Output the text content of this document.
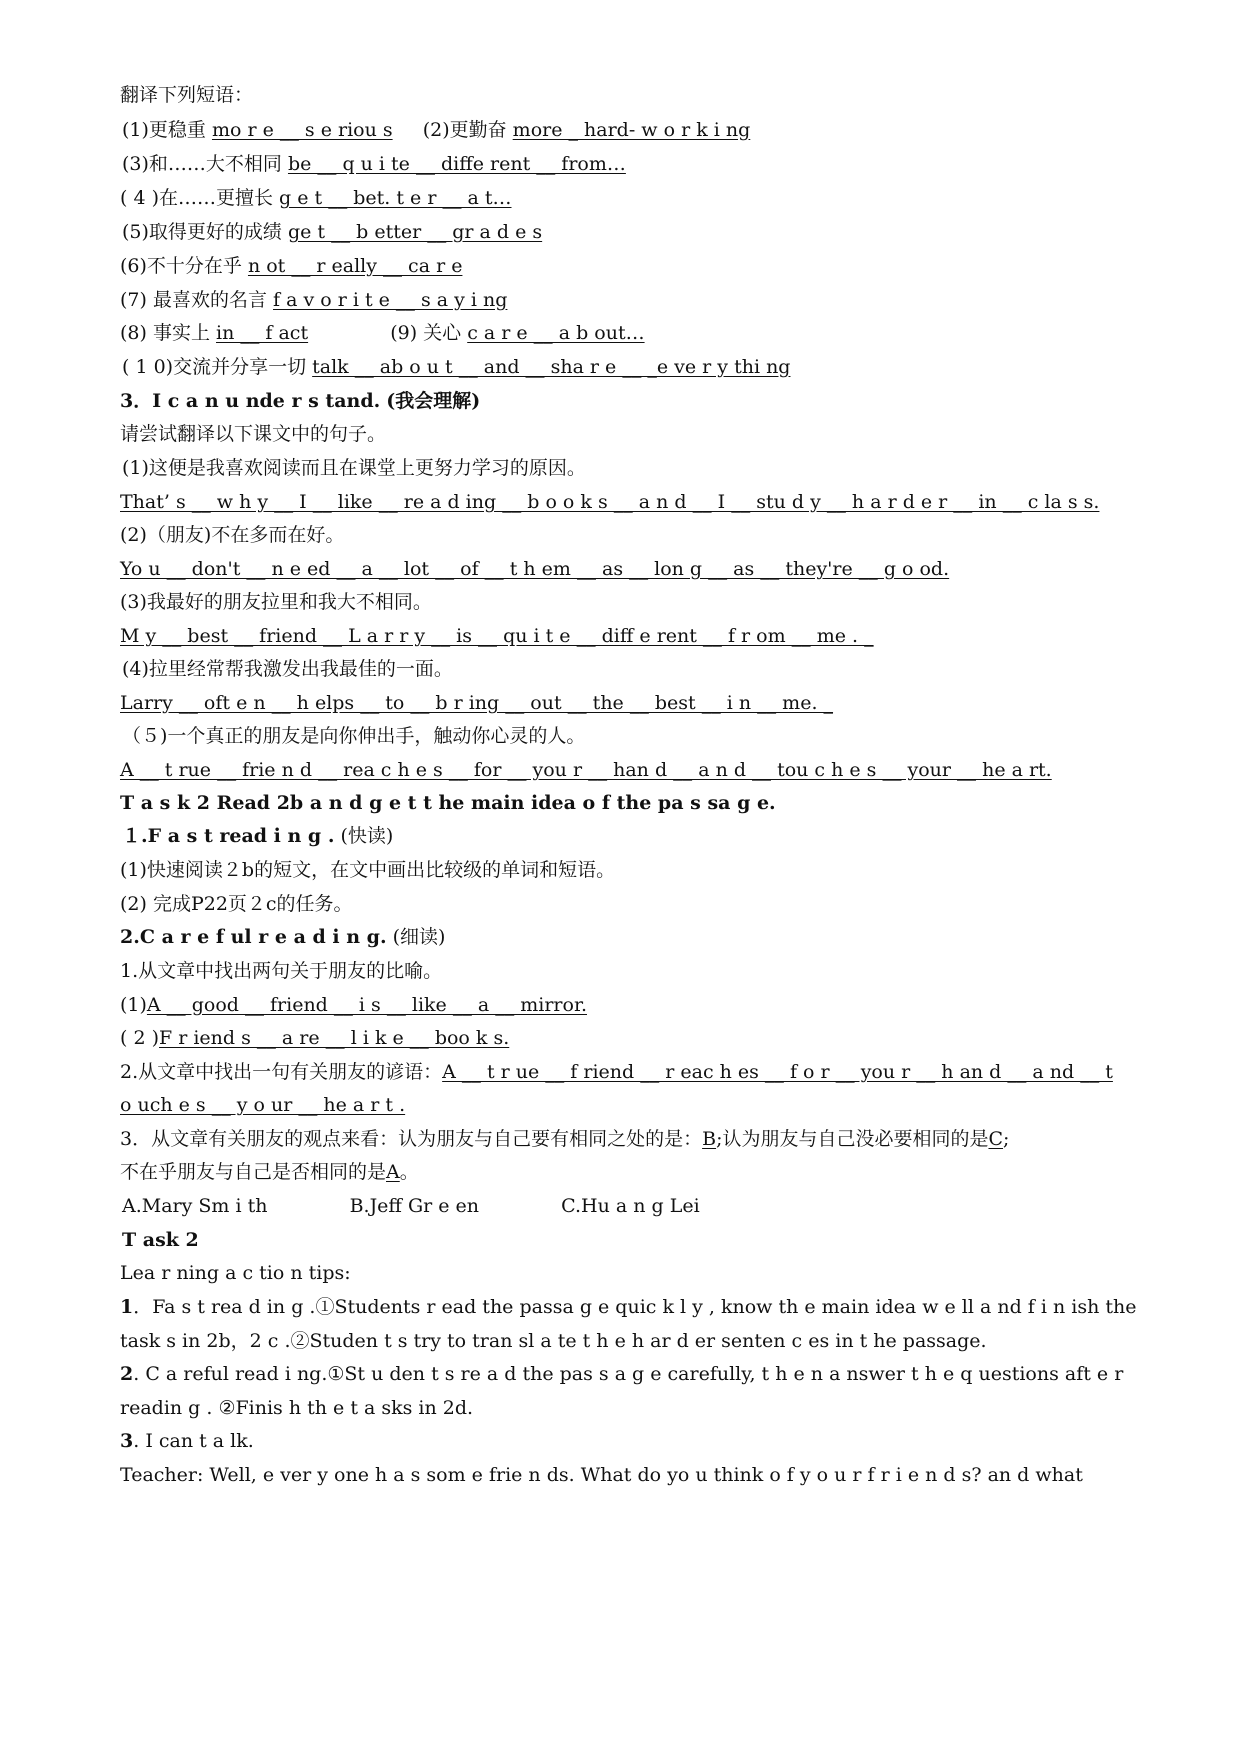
翻译下列短语：
(1)更稳重 mo r e __ s e riou s (2)更勤奋 more _ hard- w o r k i ng
(3)和……大不相同 be __ q u i te __ diffe rent __ from…
( 4 )在……更擅长 g e t __ bet. t e r __ a t…
(5)取得更好的成绩 ge t __ b etter __ gr a d e s
(6)不十分在乎 n ot __ r eally __ ca r e
(7) 最喜欢的名言 f a v o r i t e __ s a y i ng
(8) 事实上 in __ f act	(9) 关心 c a r e __ a b out…
( 1 0)交流并分享一切 talk __ ab o u t __ and __ sha r e __ _e ve r y thi ng
3．I c a n u nde r s tand. (我会理解)
请尝试翻译以下课文中的句子。
(1)这便是我喜欢阅读而且在课堂上更努力学习的原因。
That’ s __ w h y __ I __ like __ re a d ing __ b o o k s __ a n d __ I __ stu d y __ h a r d e r __ in __ c la s s.
(2)（朋友)不在多而在好。
Yo u __ don't __ n e ed __ a __ lot __ of __ t h em __ as __ lon g __ as __ they're __ g o od.
(3)我最好的朋友拉里和我大不相同。
M y __ best __ friend __ L a r r y __ is __ qu i t e __ diff e rent __ f r om __ me . _
(4)拉里经常帮我激发出我最佳的一面。
Larry __ oft e n __ h elps __ to __ b r ing __ out __ the __ best __ i n __ me. _
（５)一个真正的朋友是向你伸出手，触动你心灵的人。
A __ t rue __ frie n d __ rea c h e s __ for __ you r __ han d __ a n d __ tou c h e s __ your __ he a rt.
T a s k 2 Read 2b a n d g e t t he main idea o f the pa s sa g e.
１.F a s t read i n g . (快读)
(1)快速阅读２b的短文，在文中画出比较级的单词和短语。
(2) 完成P22页２c的任务。
2.C a r e f ul r e a d i n g. (细读)
1.从文章中找出两句关于朋友的比喻。
(1)A __ good __ friend __ i s __ like __ a __ mirror.
( 2 )F r iend s __ a re __ l i k e __ boo k s.
2.从文章中找出一句有关朋友的谚语：A __ t r ue __ f riend __ r eac h es __ f o r __ you r __ h an d __ a nd __ t
o uch e s __ y o ur __ he a r t .
3．从文章有关朋友的观点来看：认为朋友与自己要有相同之处的是：B;认为朋友与自己没必要相同的是C;
不在乎朋友与自己是否相同的是A。
A.Mary Sm i th	B.Jeff Gr e en	C.Hu a n g Lei
T ask 2
Lea r ning a c tio n tips:
1．Fa s t rea d in g .①Students r ead the passa g e quic k l y , know th e main idea w e ll a nd f i n ish the
task s in 2b，2 c .②Studen t s try to tran sl a te t h e h ar d er senten c es in t he passage.
2. C a reful read i ng.①St u den t s re a d the pas s a g e carefully, t h e n a nswer t h e q uestions aft e r
readin g . ②Finis h th e t a sks in 2d.
3. I can t a lk.
Teacher: Well, e ver y one h a s som e frie n ds. What do yo u think o f y o u r f r i e n d s? an d what
